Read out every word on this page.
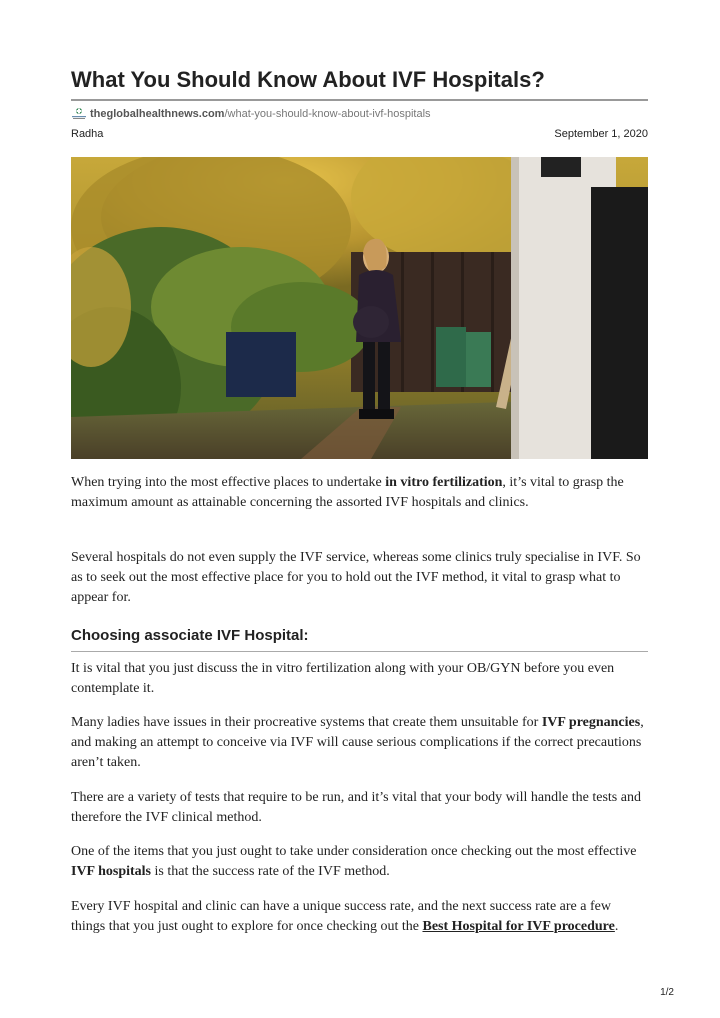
What You Should Know About IVF Hospitals?
theglobalhealthnews.com /what-you-should-know-about-ivf-hospitals
Radha	September 1, 2020

When trying into the most effective places to undertake in vitro fertilization, it’s vital to grasp the maximum amount as attainable concerning the assorted IVF hospitals and clinics.

Several hospitals do not even supply the IVF service, whereas some clinics truly specialise in IVF. So as to seek out the most effective place for you to hold out the IVF method, it vital to grasp what to appear for.

Choosing associate IVF Hospital:

It is vital that you just discuss the in vitro fertilization along with your OB/GYN before you even contemplate it.

Many ladies have issues in their procreative systems that create them unsuitable for IVF pregnancies, and making an attempt to conceive via IVF will cause serious complications if the correct precautions aren’t taken.

There are a variety of tests that require to be run, and it’s vital that your body will handle the tests and therefore the IVF clinical method.

One of the items that you just ought to take under consideration once checking out the most effective IVF hospitals is that the success rate of the IVF method.

Every IVF hospital and clinic can have a unique success rate, and the next success rate are a few things that you just ought to explore for once checking out the Best Hospital for IVF procedure.

1/2
